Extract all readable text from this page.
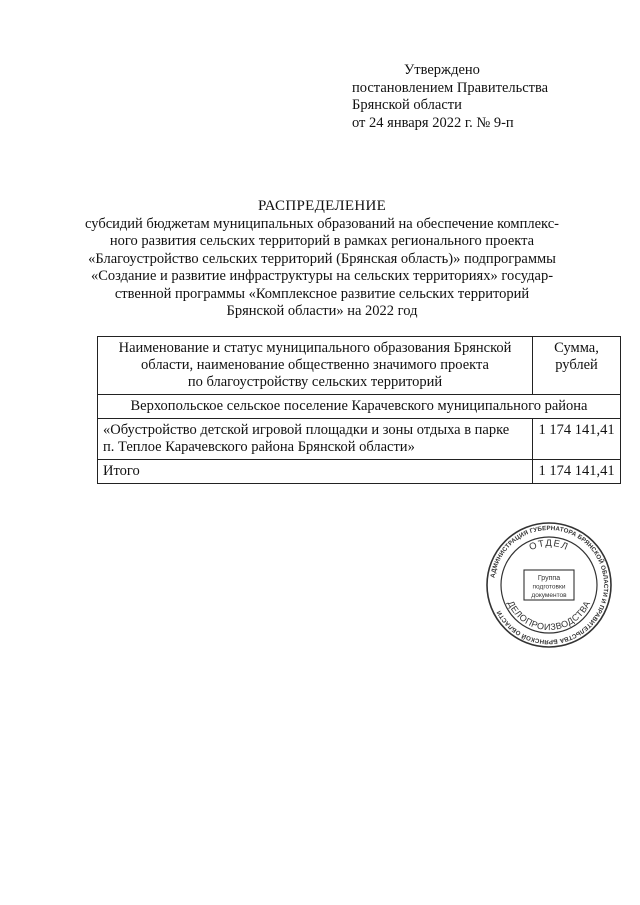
Утверждено
постановлением Правительства
Брянской области
от 24 января 2022 г. № 9-п
РАСПРЕДЕЛЕНИЕ
субсидий бюджетам муниципальных образований на обеспечение комплекс-
ного развития сельских территорий в рамках регионального проекта
«Благоустройство сельских территорий (Брянская область)» подпрограммы
«Создание и развитие инфраструктуры на сельских территориях» государ-
ственной программы «Комплексное развитие сельских территорий
Брянской области» на 2022 год
Наименование и статус муниципального образования Брянской
области, наименование общественно значимого проекта
по благоустройству сельских территорий	Сумма,
рублей

Верхопольское сельское поселение Карачевского муниципального района	

«Обустройство детской игровой площадки и зоны отдыха в парке
п. Теплое Карачевского района Брянской области»	1 174 141,41
Итого	1 174 141,41
АДМИНИСТРАЦИЯ ГУБЕРНАТОРА БРЯНСКОЙ ОБЛАСТИ И ПРАВИТЕЛЬСТВА БРЯНСКОЙ ОБЛАСТИ
ОТДЕЛ
ДЕЛОПРОИЗВОДСТВА
Группа
подготовки
документов
